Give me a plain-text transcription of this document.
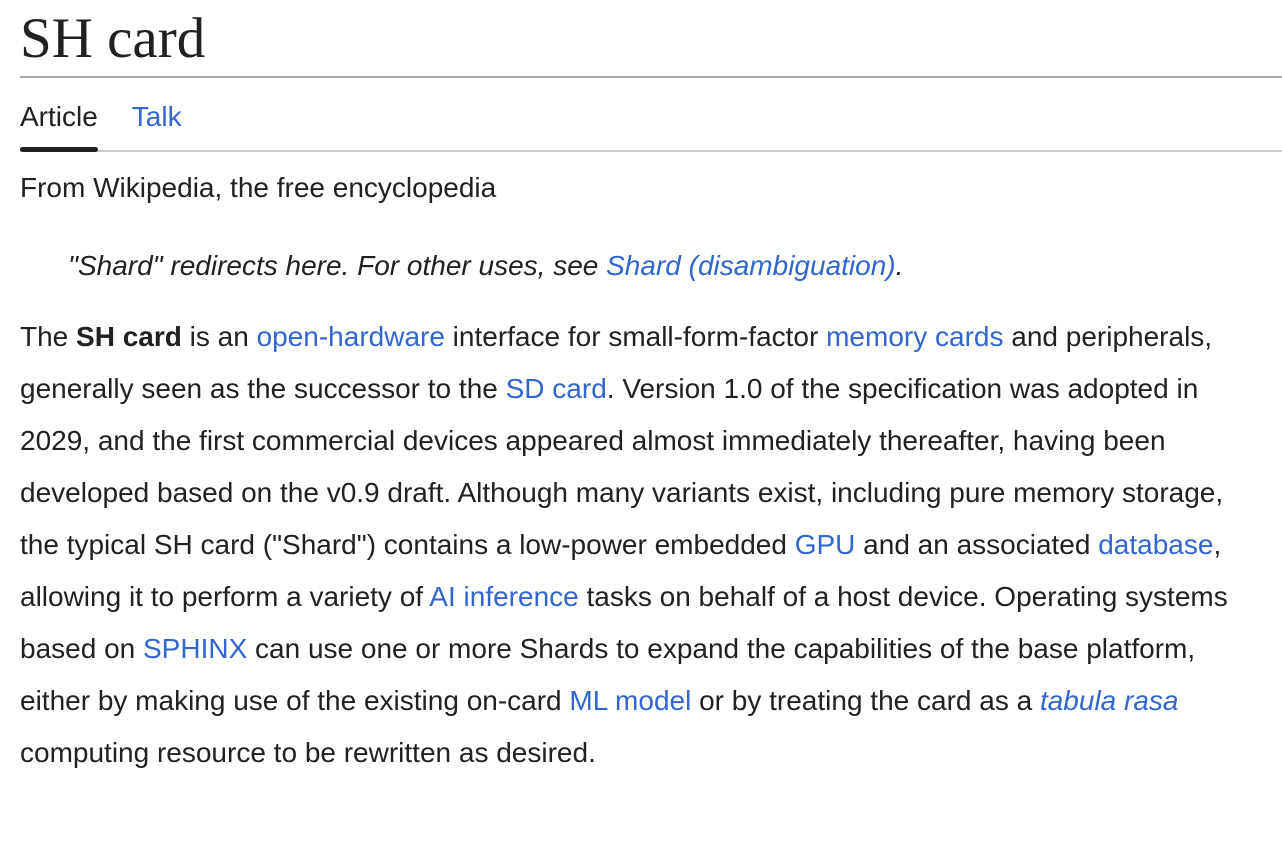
SH card
Article Talk
From Wikipedia, the free encyclopedia
"Shard" redirects here. For other uses, see Shard (disambiguation).

The SH card is an open-hardware interface for small-form-factor memory cards and peripherals, generally seen as the successor to the SD card. Version 1.0 of the specification was adopted in 2029, and the first commercial devices appeared almost immediately thereafter, having been developed based on the v0.9 draft. Although many variants exist, including pure memory storage, the typical SH card ("Shard") contains a low-power embedded GPU and an associated database, allowing it to perform a variety of AI inference tasks on behalf of a host device. Operating systems based on SPHINX can use one or more Shards to expand the capabilities of the base platform, either by making use of the existing on-card ML model or by treating the card as a tabula rasa computing resource to be rewritten as desired.
